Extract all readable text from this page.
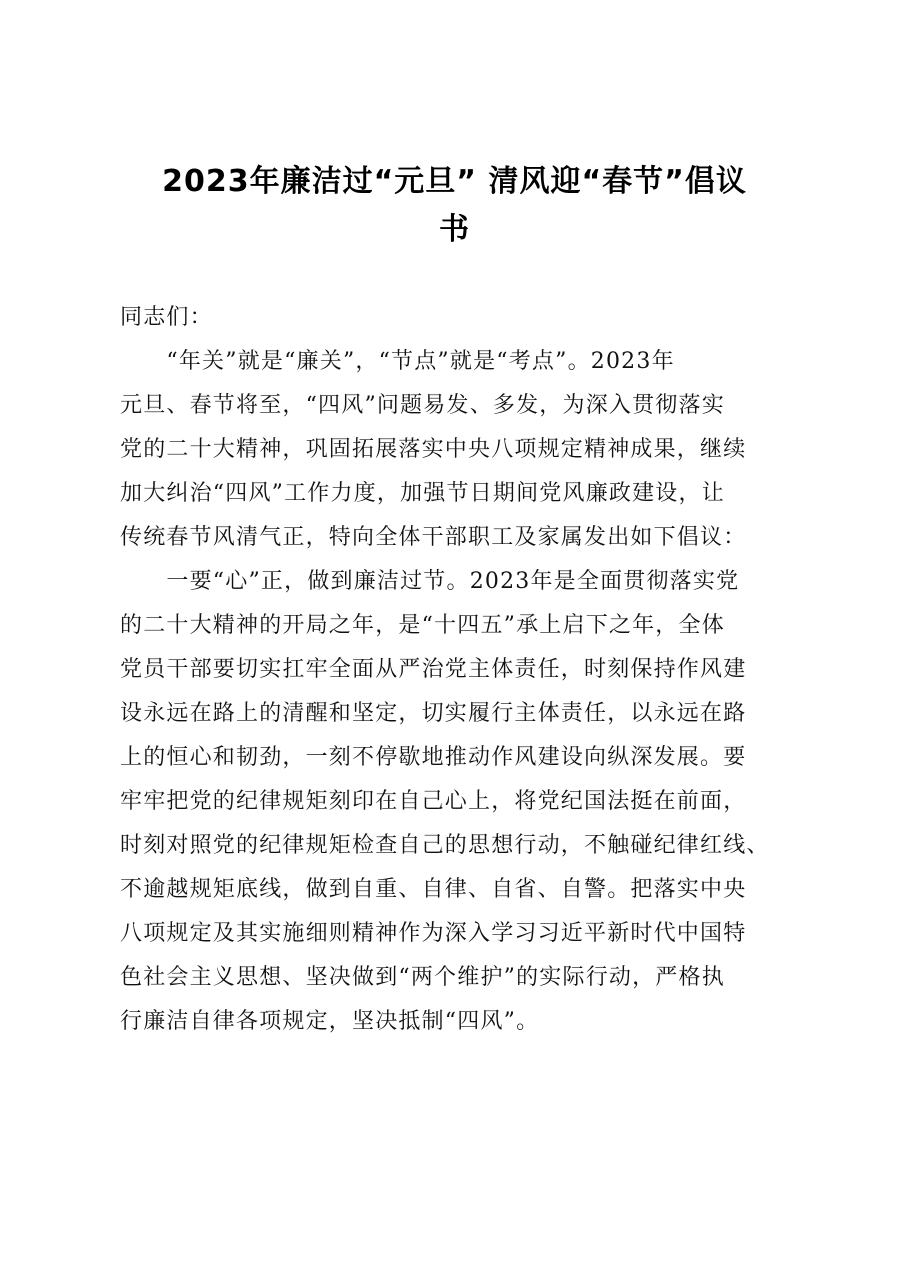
2023年廉洁过“元旦” 清风迎“春节”倡议
书
同志们：
　　“年关”就是“廉关”，“节点”就是“考点”。2023年
元旦、春节将至，“四风”问题易发、多发，为深入贯彻落实
党的二十大精神，巩固拓展落实中央八项规定精神成果，继续
加大纠治“四风”工作力度，加强节日期间党风廉政建设，让
传统春节风清气正，特向全体干部职工及家属发出如下倡议：
　　一要“心”正，做到廉洁过节。2023年是全面贯彻落实党
的二十大精神的开局之年，是“十四五”承上启下之年，全体
党员干部要切实扛牢全面从严治党主体责任，时刻保持作风建
设永远在路上的清醒和坚定，切实履行主体责任，以永远在路
上的恒心和韧劲，一刻不停歇地推动作风建设向纵深发展。要
牢牢把党的纪律规矩刻印在自己心上，将党纪国法挺在前面，
时刻对照党的纪律规矩检查自己的思想行动，不触碰纪律红线、
不逾越规矩底线，做到自重、自律、自省、自警。把落实中央
八项规定及其实施细则精神作为深入学习习近平新时代中国特
色社会主义思想、坚决做到“两个维护”的实际行动，严格执
行廉洁自律各项规定，坚决抵制“四风”。
